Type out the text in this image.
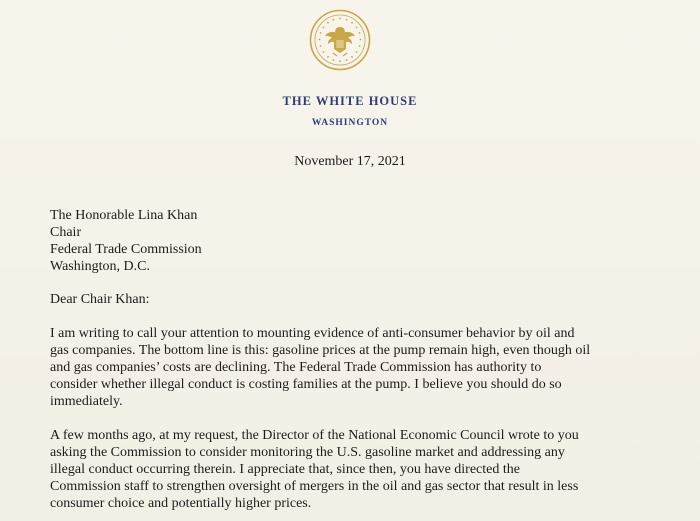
THE WHITE HOUSE
WASHINGTON
November 17, 2021
The Honorable Lina Khan
Chair
Federal Trade Commission
Washington, D.C.
Dear Chair Khan:
I am writing to call your attention to mounting evidence of anti-consumer behavior by oil and
gas companies. The bottom line is this: gasoline prices at the pump remain high, even though oil
and gas companies’ costs are declining. The Federal Trade Commission has authority to
consider whether illegal conduct is costing families at the pump. I believe you should do so
immediately.
A few months ago, at my request, the Director of the National Economic Council wrote to you
asking the Commission to consider monitoring the U.S. gasoline market and addressing any
illegal conduct occurring therein. I appreciate that, since then, you have directed the
Commission staff to strengthen oversight of mergers in the oil and gas sector that result in less
consumer choice and potentially higher prices.
